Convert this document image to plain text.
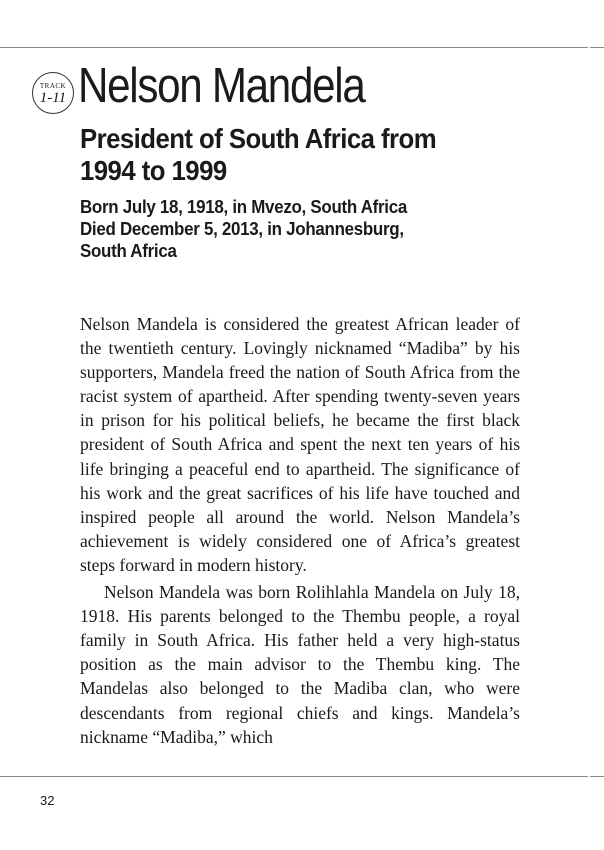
TRACK
1-11 Nelson Mandela
President of South Africa from 1994 to 1999
Born July 18, 1918, in Mvezo, South Africa
Died December 5, 2013, in Johannesburg,
South Africa

Nelson Mandela is considered the greatest African leader of the twentieth century. Lovingly nicknamed “Madiba” by his supporters, Mandela freed the nation of South Africa from the racist system of apartheid. After spending twenty-seven years in prison for his political beliefs, he became the first black president of South Africa and spent the next ten years of his life bringing a peaceful end to apartheid. The significance of his work and the great sacrifices of his life have touched and inspired people all around the world. Nelson Mandela’s achievement is widely considered one of Africa’s greatest steps forward in modern history.

Nelson Mandela was born Rolihlahla Mandela on July 18, 1918. His parents belonged to the Thembu people, a royal family in South Africa. His father held a very high-status position as the main advisor to the Thembu king. The Mandelas also belonged to the Madiba clan, who were descendants from regional chiefs and kings. Mandela’s nickname “Madiba,” which

32
